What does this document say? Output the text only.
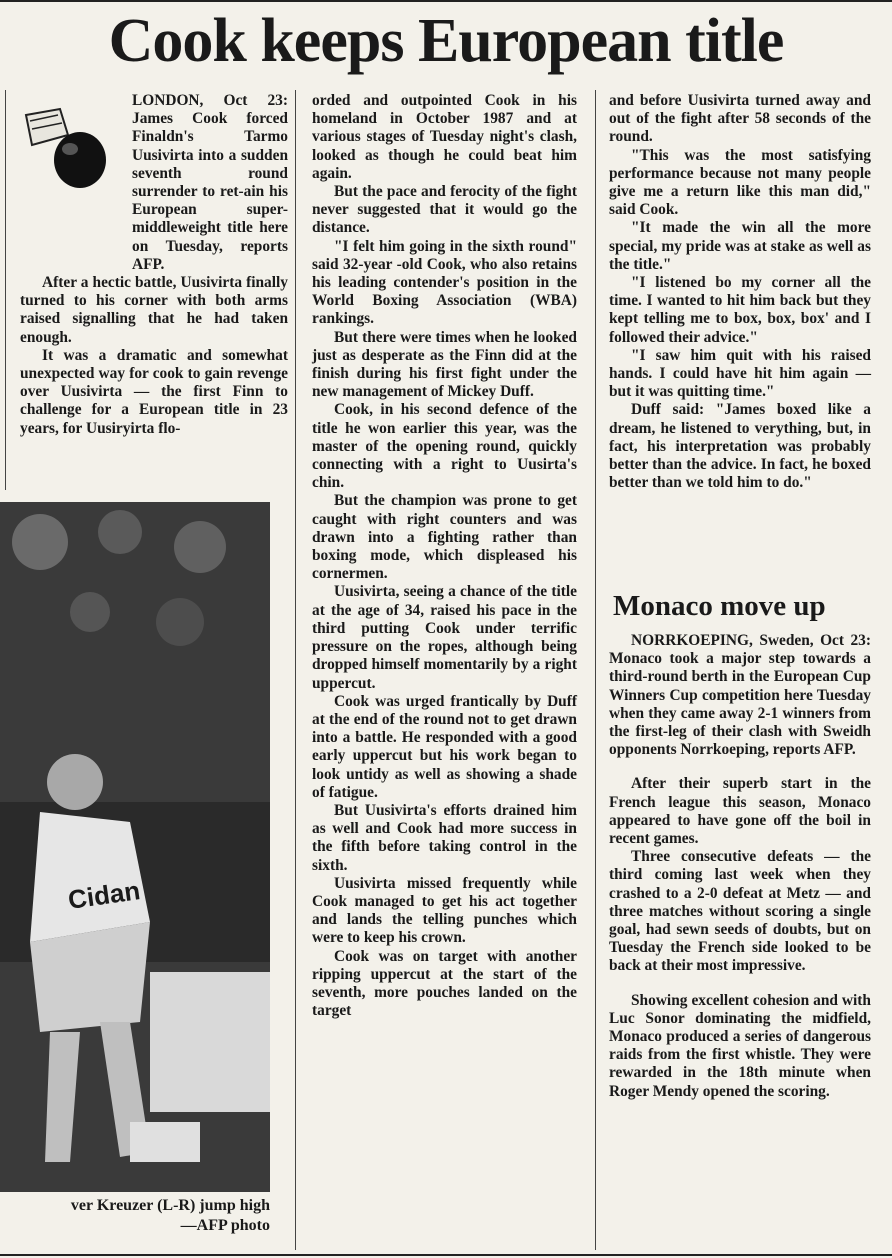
Cook keeps European title

LONDON, Oct 23: James Cook forced Finaldn's Tarmo Uusivirta into a sudden seventh round surrender to ret-ain his European super-middleweight title here on Tuesday, reports AFP.

After a hectic battle, Uusivirta finally turned to his corner with both arms raised signalling that he had taken enough.

It was a dramatic and somewhat unexpected way for cook to gain revenge over Uusivirta — the first Finn to challenge for a European title in 23 years, for Uusiryirta flo-

Cidan
ver Kreuzer (L-R) jump high
—AFP photo

orded and outpointed Cook in his homeland in October 1987 and at various stages of Tuesday night's clash, looked as though he could beat him again.

But the pace and ferocity of the fight never suggested that it would go the distance.

"I felt him going in the sixth round" said 32-year -old Cook, who also retains his leading contender's position in the World Boxing Association (WBA) rankings.

But there were times when he looked just as desperate as the Finn did at the finish during his first fight under the new management of Mickey Duff.

Cook, in his second defence of the title he won earlier this year, was the master of the opening round, quickly connecting with a right to Uusirta's chin.

But the champion was prone to get caught with right counters and was drawn into a fighting rather than boxing mode, which displeased his cornermen.

Uusivirta, seeing a chance of the title at the age of 34, raised his pace in the third putting Cook under terrific pressure on the ropes, although being dropped himself momentarily by a right uppercut.

Cook was urged frantically by Duff at the end of the round not to get drawn into a battle. He responded with a good early uppercut but his work began to look untidy as well as showing a shade of fatigue.

But Uusivirta's efforts drained him as well and Cook had more success in the fifth before taking control in the sixth.

Uusivirta missed frequently while Cook managed to get his act together and lands the telling punches which were to keep his crown.

Cook was on target with another ripping uppercut at the start of the seventh, more pouches landed on the target

and before Uusivirta turned away and out of the fight after 58 seconds of the round.

"This was the most satisfying performance because not many people give me a return like this man did," said Cook.

"It made the win all the more special, my pride was at stake as well as the title."

"I listened bo my corner all the time. I wanted to hit him back but they kept telling me to box, box, box' and I followed their advice."

"I saw him quit with his raised hands. I could have hit him again — but it was quitting time."

Duff said: "James boxed like a dream, he listened to verything, but, in fact, his interpretation was probably better than the advice. In fact, he boxed better than we told him to do."

Monaco move up

NORRKOEPING, Sweden, Oct 23: Monaco took a major step towards a third-round berth in the European Cup Winners Cup competition here Tuesday when they came away 2-1 winners from the first-leg of their clash with Sweidh opponents Norrkoeping, reports AFP.

After their superb start in the French league this season, Monaco appeared to have gone off the boil in recent games.

Three consecutive defeats — the third coming last week when they crashed to a 2-0 defeat at Metz — and three matches without scoring a single goal, had sewn seeds of doubts, but on Tuesday the French side looked to be back at their most impressive.

Showing excellent cohesion and with Luc Sonor dominating the midfield, Monaco produced a series of dangerous raids from the first whistle. They were rewarded in the 18th minute when Roger Mendy opened the scoring.
